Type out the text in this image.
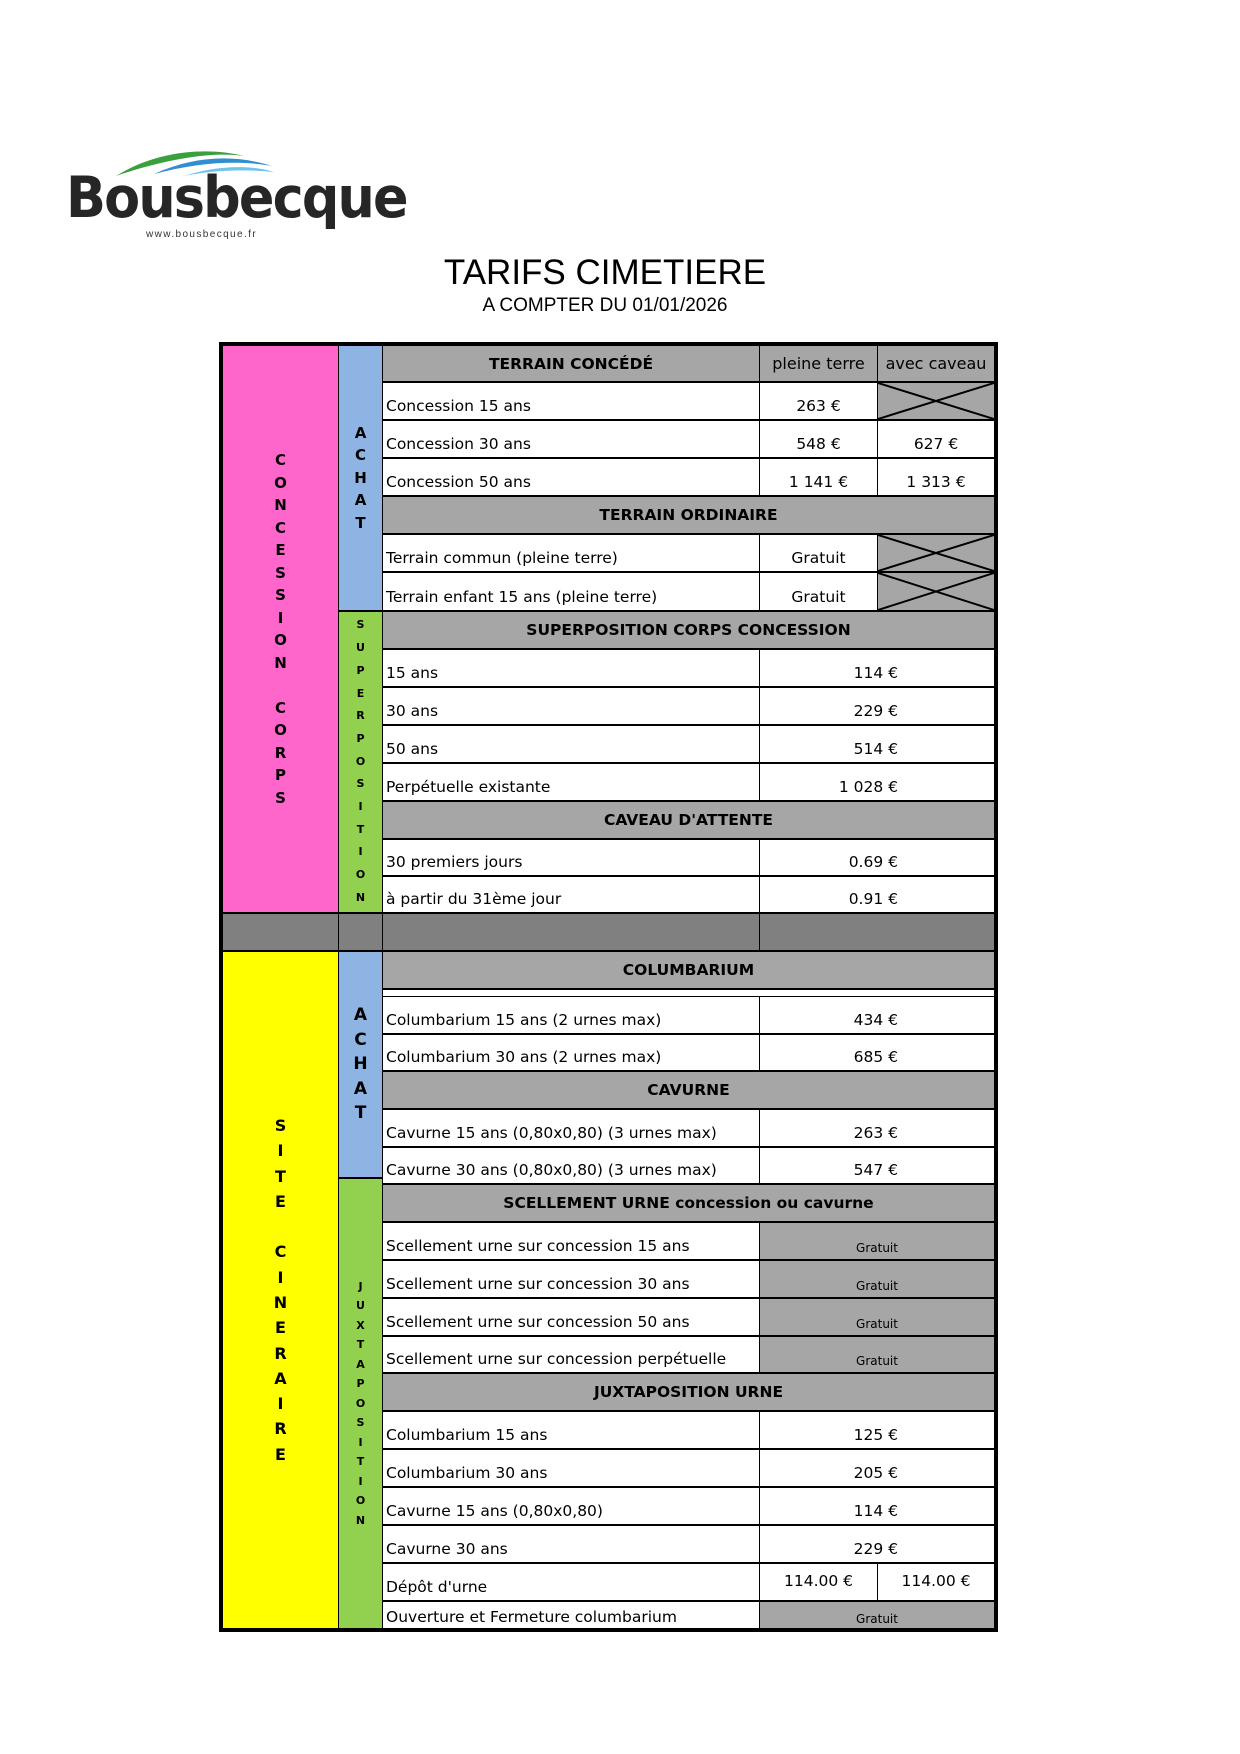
Bousbecque
www.bousbecque.fr
TARIFS CIMETIERE
A COMPTER DU 01/01/2026
C
O
N
C
E
S
S
I
O
N

C
O
R
P
S
A
C
H
A
T
S
U
P
E
R
P
O
S
I
T
I
O
N
S
I
T
E

C
I
N
E
R
A
I
R
E
A
C
H
A
T
J
U
X
T
A
P
O
S
I
T
I
O
N
TERRAIN CONCÉDÉ	pleine terre	avec caveau
Concession 15 ans	263 €
Concession 30 ans	548 €	627 €
Concession 50 ans	1 141 €	1 313 €
TERRAIN ORDINAIRE
Terrain commun (pleine terre)	Gratuit
Terrain enfant 15 ans (pleine terre)	Gratuit
SUPERPOSITION CORPS CONCESSION
15 ans	114 €
30 ans	229 €
50 ans	514 €
Perpétuelle existante	1 028 €
CAVEAU D'ATTENTE
30 premiers jours	0.69 €
à partir du 31ème jour	0.91 €
COLUMBARIUM
Columbarium 15 ans (2 urnes max)	434 €
Columbarium 30 ans (2 urnes max)	685 €
CAVURNE
Cavurne 15 ans (0,80x0,80) (3 urnes max)	263 €
Cavurne 30 ans (0,80x0,80) (3 urnes max)	547 €
SCELLEMENT URNE concession ou cavurne
Scellement urne sur concession 15 ans	Gratuit
Scellement urne sur concession 30 ans	Gratuit
Scellement urne sur concession 50 ans	Gratuit
Scellement urne sur concession perpétuelle	Gratuit
JUXTAPOSITION URNE
Columbarium 15 ans	125 €
Columbarium 30 ans	205 €
Cavurne 15 ans (0,80x0,80)	114 €
Cavurne 30 ans	229 €
Dépôt d'urne	114.00 €	114.00 €
Ouverture et Fermeture columbarium	Gratuit
